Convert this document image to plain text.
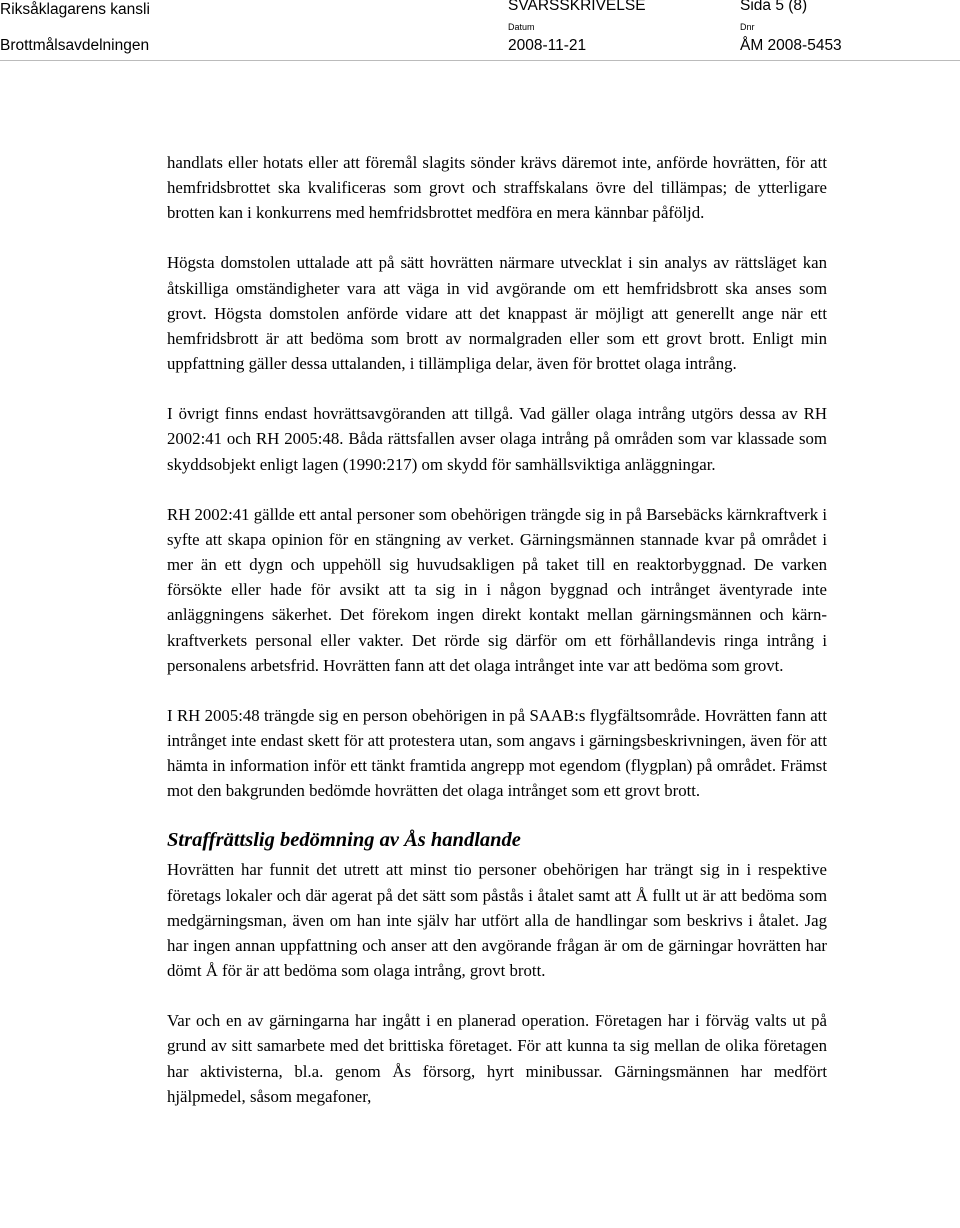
Riksåklagarens kansli
Brottmålsavdelningen
SVARSSKRIVELSE
Datum
2008-11-21
Sida 5 (8)
Dnr
ÅM 2008-5453

handlats eller hotats eller att föremål slagits sönder krävs däremot inte, anförde hovrätten, för att hemfridsbrottet ska kvalificeras som grovt och straffskalans övre del tillämpas; de ytterligare brotten kan i konkurrens med hemfridsbrottet medföra en mera kännbar påföljd.

Högsta domstolen uttalade att på sätt hovrätten närmare utvecklat i sin analys av rättsläget kan åtskilliga omständigheter vara att väga in vid avgörande om ett hemfridsbrott ska anses som grovt. Högsta domstolen anförde vidare att det knappast är möjligt att generellt ange när ett hemfridsbrott är att bedöma som brott av normalgraden eller som ett grovt brott. Enligt min uppfattning gäller dessa uttalanden, i tillämpliga delar, även för brottet olaga intrång.

I övrigt finns endast hovrättsavgöranden att tillgå. Vad gäller olaga intrång utgörs dessa av RH 2002:41 och RH 2005:48. Båda rättsfallen avser olaga intrång på områden som var klassade som skyddsobjekt enligt lagen (1990:217) om skydd för samhällsviktiga anläggningar.

RH 2002:41 gällde ett antal personer som obehörigen trängde sig in på Barsebäcks kärnkraftverk i syfte att skapa opinion för en stängning av verket. Gärningsmännen stannade kvar på området i mer än ett dygn och uppehöll sig huvudsakligen på taket till en reaktorbyggnad. De varken försökte eller hade för avsikt att ta sig in i någon byggnad och intrånget äventyrade inte anläggningens säkerhet. Det förekom ingen direkt kontakt mellan gärningsmännen och kärnkraftverkets personal eller vakter. Det rörde sig därför om ett förhållandevis ringa intrång i personalens arbetsfrid. Hovrätten fann att det olaga intrånget inte var att bedöma som grovt.

I RH 2005:48 trängde sig en person obehörigen in på SAAB:s flygfältsområde. Hovrätten fann att intrånget inte endast skett för att protestera utan, som angavs i gärningsbeskrivningen, även för att hämta in information inför ett tänkt framtida angrepp mot egendom (flygplan) på området. Främst mot den bakgrunden bedömde hovrätten det olaga intrånget som ett grovt brott.

Straffrättslig bedömning av Ås handlande

Hovrätten har funnit det utrett att minst tio personer obehörigen har trängt sig in i respektive företags lokaler och där agerat på det sätt som påstås i åtalet samt att Å fullt ut är att bedöma som medgärningsman, även om han inte själv har utfört alla de handlingar som beskrivs i åtalet. Jag har ingen annan uppfattning och anser att den avgörande frågan är om de gärningar hovrätten har dömt Å för är att bedöma som olaga intrång, grovt brott.

Var och en av gärningarna har ingått i en planerad operation. Företagen har i förväg valts ut på grund av sitt samarbete med det brittiska företaget. För att kunna ta sig mellan de olika företagen har aktivisterna, bl.a. genom Ås försorg, hyrt minibussar. Gärningsmännen har medfört hjälpmedel, såsom megafoner,
